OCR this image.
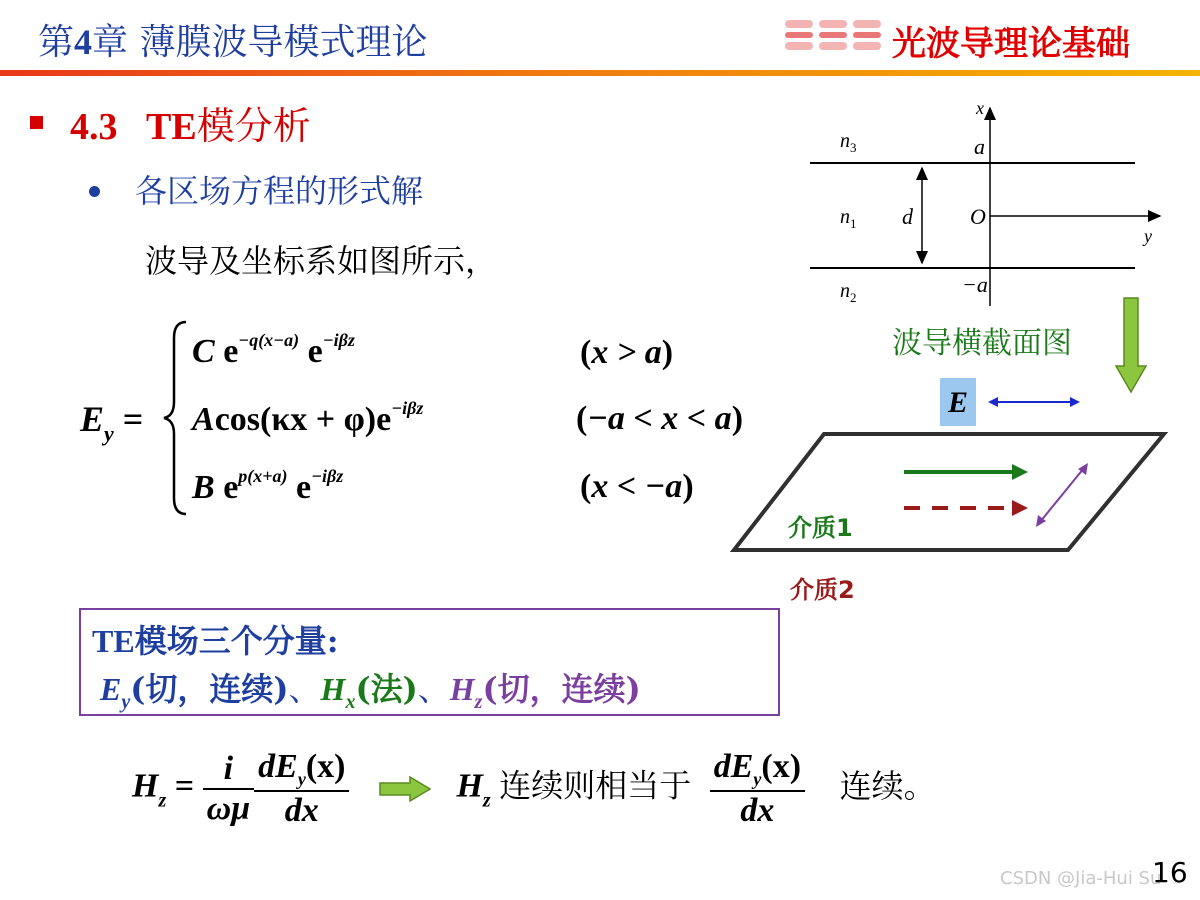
第4章 薄膜波导模式理论	光波导理论基础
4.3 TE模分析
各区场方程的形式解
波导及坐标系如图所示，
$E_y$ =
C $e^{-q(x-a)}$ $e^{-i\beta z}$	(x > a)
$Acos(\kappa x + \varphi)e^{-i\beta z}$	(−a < x < a)
B $e^{p(x+a)}$ $e^{-i\beta z}$	(x < −a)
x
y
O
a
−a
d
$n_3$
$n_1$
$n_2$
波导横截面图
E
介质1
介质2
TE模场三个分量:
$E_y$(切，连续)、$H_x$(法)、$H_z$(切，连续)
$H_z = \frac{i}{\omega\mu} \frac{dE_y(x)}{dx}$	$H_z$ 连续则相当于 $\frac{dE_y(x)}{dx}$ 连续。
CSDN @Jia-Hui Su
16
